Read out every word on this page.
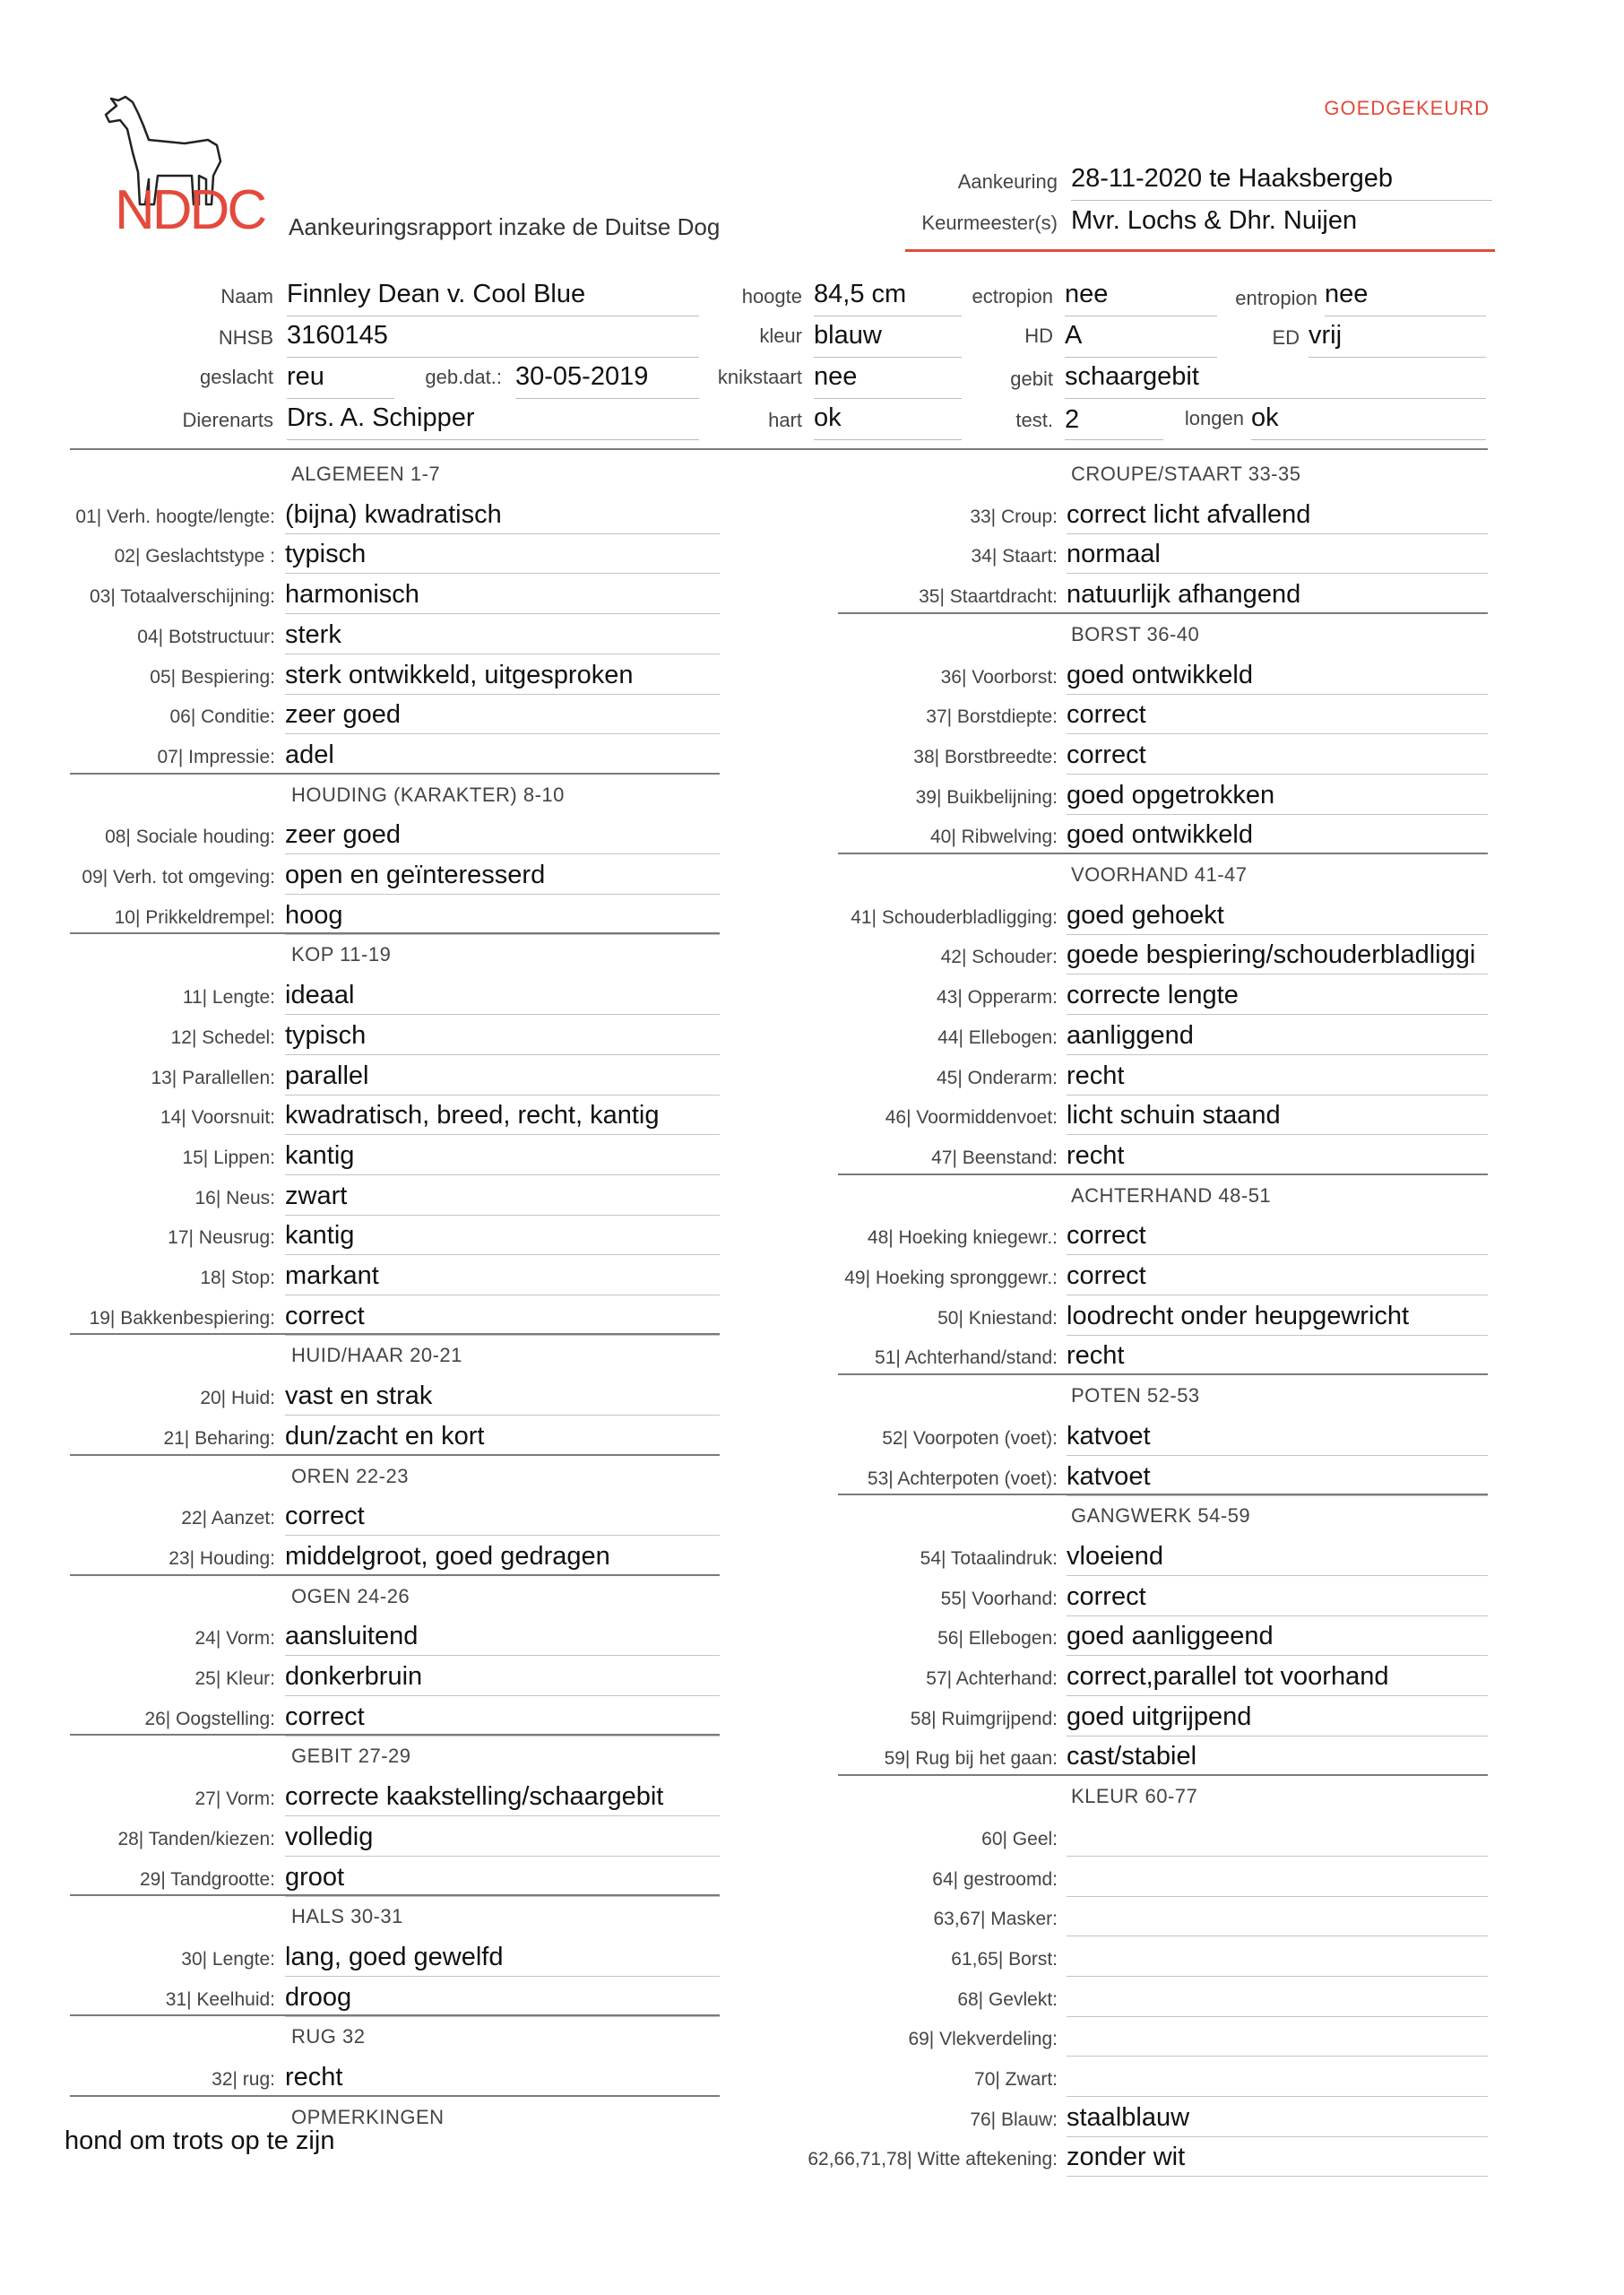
NDDC
GOEDGEKEURD
Aankeuringsrapport inzake de Duitse Dog
Aankeuring 28-11-2020 te Haaksbergeb
Keurmeester(s) Mvr. Lochs & Dhr. Nuijen
Naam Finnley Dean v. Cool Blue
NHSB 3160145
geslacht reu	geb.dat.: 30-05-2019
Dierenarts Drs. A. Schipper
hoogte 84,5 cm
kleur blauw
knikstaart nee
hart ok
ectropion nee
HD A
gebit schaargebit
test. 2
entropion nee
ED vrij
longen ok
ALGEMEEN 1-7
01| Verh. hoogte/lengte: (bijna) kwadratisch
02| Geslachtstype : typisch
03| Totaalverschijning: harmonisch
04| Botstructuur: sterk
05| Bespiering: sterk ontwikkeld, uitgesproken
06| Conditie: zeer goed
07| Impressie: adel
HOUDING (KARAKTER) 8-10
08| Sociale houding: zeer goed
09| Verh. tot omgeving: open en geïnteresserd
10| Prikkeldrempel: hoog
KOP 11-19
11| Lengte: ideaal
12| Schedel: typisch
13| Parallellen: parallel
14| Voorsnuit: kwadratisch, breed, recht, kantig
15| Lippen: kantig
16| Neus: zwart
17| Neusrug: kantig
18| Stop: markant
19| Bakkenbespiering: correct
HUID/HAAR 20-21
20| Huid: vast en strak
21| Beharing: dun/zacht en kort
OREN 22-23
22| Aanzet: correct
23| Houding: middelgroot, goed gedragen
OGEN 24-26
24| Vorm: aansluitend
25| Kleur: donkerbruin
26| Oogstelling: correct
GEBIT 27-29
27| Vorm: correcte kaakstelling/schaargebit
28| Tanden/kiezen: volledig
29| Tandgrootte: groot
HALS 30-31
30| Lengte: lang, goed gewelfd
31| Keelhuid: droog
RUG 32
32| rug: recht
OPMERKINGEN
CROUPE/STAART 33-35
33| Croup: correct licht afvallend
34| Staart: normaal
35| Staartdracht: natuurlijk afhangend
BORST 36-40
36| Voorborst: goed ontwikkeld
37| Borstdiepte: correct
38| Borstbreedte: correct
39| Buikbelijning: goed opgetrokken
40| Ribwelving: goed ontwikkeld
VOORHAND 41-47
41| Schouderbladligging: goed gehoekt
42| Schouder: goede bespiering/schouderbladliggi
43| Opperarm: correcte lengte
44| Ellebogen: aanliggend
45| Onderarm: recht
46| Voormiddenvoet: licht schuin staand
47| Beenstand: recht
ACHTERHAND 48-51
48| Hoeking kniegewr.: correct
49| Hoeking spronggewr.: correct
50| Kniestand: loodrecht onder heupgewricht
51| Achterhand/stand: recht
POTEN 52-53
52| Voorpoten (voet): katvoet
53| Achterpoten (voet): katvoet
GANGWERK 54-59
54| Totaalindruk: vloeiend
55| Voorhand: correct
56| Ellebogen: goed aanliggeend
57| Achterhand: correct,parallel tot voorhand
58| Ruimgrijpend: goed uitgrijpend
59| Rug bij het gaan: cast/stabiel
KLEUR 60-77
60| Geel:
64| gestroomd:
63,67| Masker:
61,65| Borst:
68| Gevlekt:
69| Vlekverdeling:
70| Zwart:
76| Blauw: staalblauw
62,66,71,78| Witte aftekening: zonder wit
hond om trots op te zijn
